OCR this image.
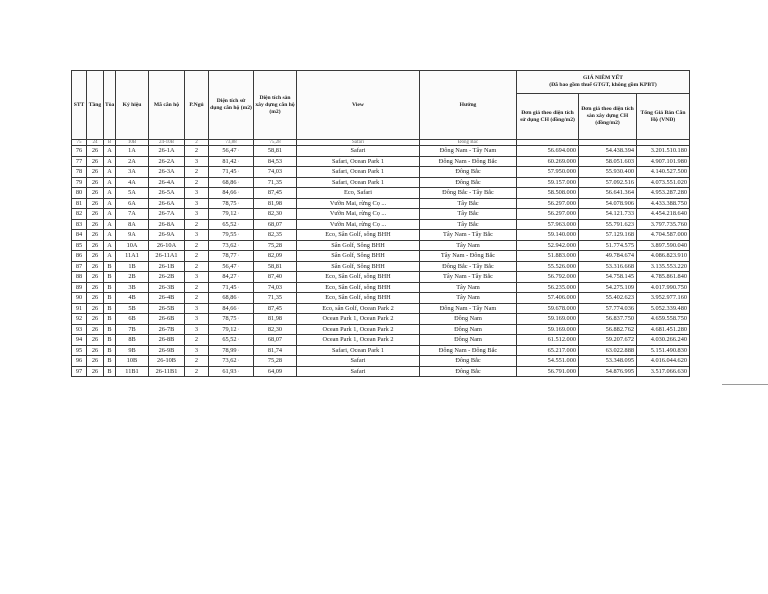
STT	Tầng	Tòa	Ký hiệu	Mã căn hộ	P.Ngủ	Diện tích sử dụng căn hộ (m2)	Diện tích sàn xây dựng căn hộ (m2)	View	Hướng	GIÁ NIÊM YẾT
(Đã bao gồm thuế GTGT, không gồm KPBT)		

										Đơn giá theo diện tích sử dụng CH (đồng/m2)	Đơn giá theo diện tích sàn xây dựng CH (đồng/m2)	Tổng Giá Bán Căn Hộ (VNĐ)
75	24	B	10B	24-10B	2	73,88	75,28	Safari	Đông Bắc			
76	26	A	1A	26-1A	2	56,47·	58,81	Safari	Đông Nam - Tây Nam	56.694.000	54.438.394	3.201.510.180
77	26	A	2A	26-2A	3	81,42·	84,53	Safari, Ocean Park 1	Đông Nam - Đông Bắc	60.269.000	58.051.603	4.907.101.980
78	26	A	3A	26-3A	2	71,45·	74,03	Safari, Ocean Park 1	Đông Bắc	57.950.000	55.930.400	4.140.527.500
79	26	A	4A	26-4A	2	68,86·	71,35	Safari, Ocean Park 1	Đông Bắc	59.157.000	57.092.516	4.073.551.020
80	26	A	5A	26-5A	3	84,66·	87,45	Eco, Safari	Đông Bắc - Tây Bắc	58.508.000	56.641.364	4.953.287.280
81	26	A	6A	26-6A	3	78,75·	81,98	Vườn Mai, rừng Cọ ...	Tây Bắc	56.297.000	54.078.906	4.433.388.750
82	26	A	7A	26-7A	3	79,12·	82,30	Vườn Mai, rừng Cọ ...	Tây Bắc	56.297.000	54.121.733	4.454.218.640
83	26	A	8A	26-8A	2	65,52·	68,07	Vườn Mai, rừng Cọ ...	Tây Bắc	57.963.000	55.791.623	3.797.735.760
84	26	A	9A	26-9A	3	79,55·	82,35	Eco, Sân Golf, sông BHH	Tây Nam - Tây Bắc	59.140.000	57.129.168	4.704.587.000
85	26	A	10A	26-10A	2	73,62·	75,28	Sân Golf, Sông BHH	Tây Nam	52.942.000	51.774.575	3.897.590.040
86	26	A	11A1	26-11A1	2	78,77·	82,09	Sân Golf, Sông BHH	Tây Nam - Đông Bắc	51.883.000	49.784.674	4.086.823.910
87	26	B	1B	26-1B	2	56,47·	58,81	Sân Golf, Sông BHH	Đông Bắc - Tây Bắc	55.526.000	53.316.668	3.135.553.220
88	26	B	2B	26-2B	3	84,27·	87,40	Eco, Sân Golf, sông BHH	Tây Nam - Tây Bắc	56.792.000	54.758.145	4.785.861.840
89	26	B	3B	26-3B	2	71,45·	74,03	Eco, Sân Golf, sông BHH	Tây Nam	56.235.000	54.275.109	4.017.990.750
90	26	B	4B	26-4B	2	68,86·	71,35	Eco, Sân Golf, sông BHH	Tây Nam	57.406.000	55.402.623	3.952.977.160
91	26	B	5B	26-5B	3	84,66·	87,45	Eco, sân Golf, Ocean Park 2	Đông Nam - Tây Nam	59.678.000	57.774.036	5.052.339.480
92	26	B	6B	26-6B	3	78,75·	81,98	Ocean Park 1, Ocean Park 2	Đông Nam	59.169.000	56.837.750	4.659.558.750
93	26	B	7B	26-7B	3	79,12·	82,30	Ocean Park 1, Ocean Park 2	Đông Nam	59.169.000	56.882.762	4.681.451.280
94	26	B	8B	26-8B	2	65,52·	68,07	Ocean Park 1, Ocean Park 2	Đông Nam	61.512.000	59.207.672	4.030.266.240
95	26	B	9B	26-9B	3	78,99·	81,74	Safari, Ocean Park 1	Đông Nam - Đông Bắc	65.217.000	63.022.888	5.151.490.830
96	26	B	10B	26-10B	2	73,62·	75,28	Safari	Đông Bắc	54.551.000	53.348.095	4.016.044.620
97	26	B	11B1	26-11B1	2	61,93·	64,09	Safari	Đông Bắc	56.791.000	54.876.995	3.517.066.630
